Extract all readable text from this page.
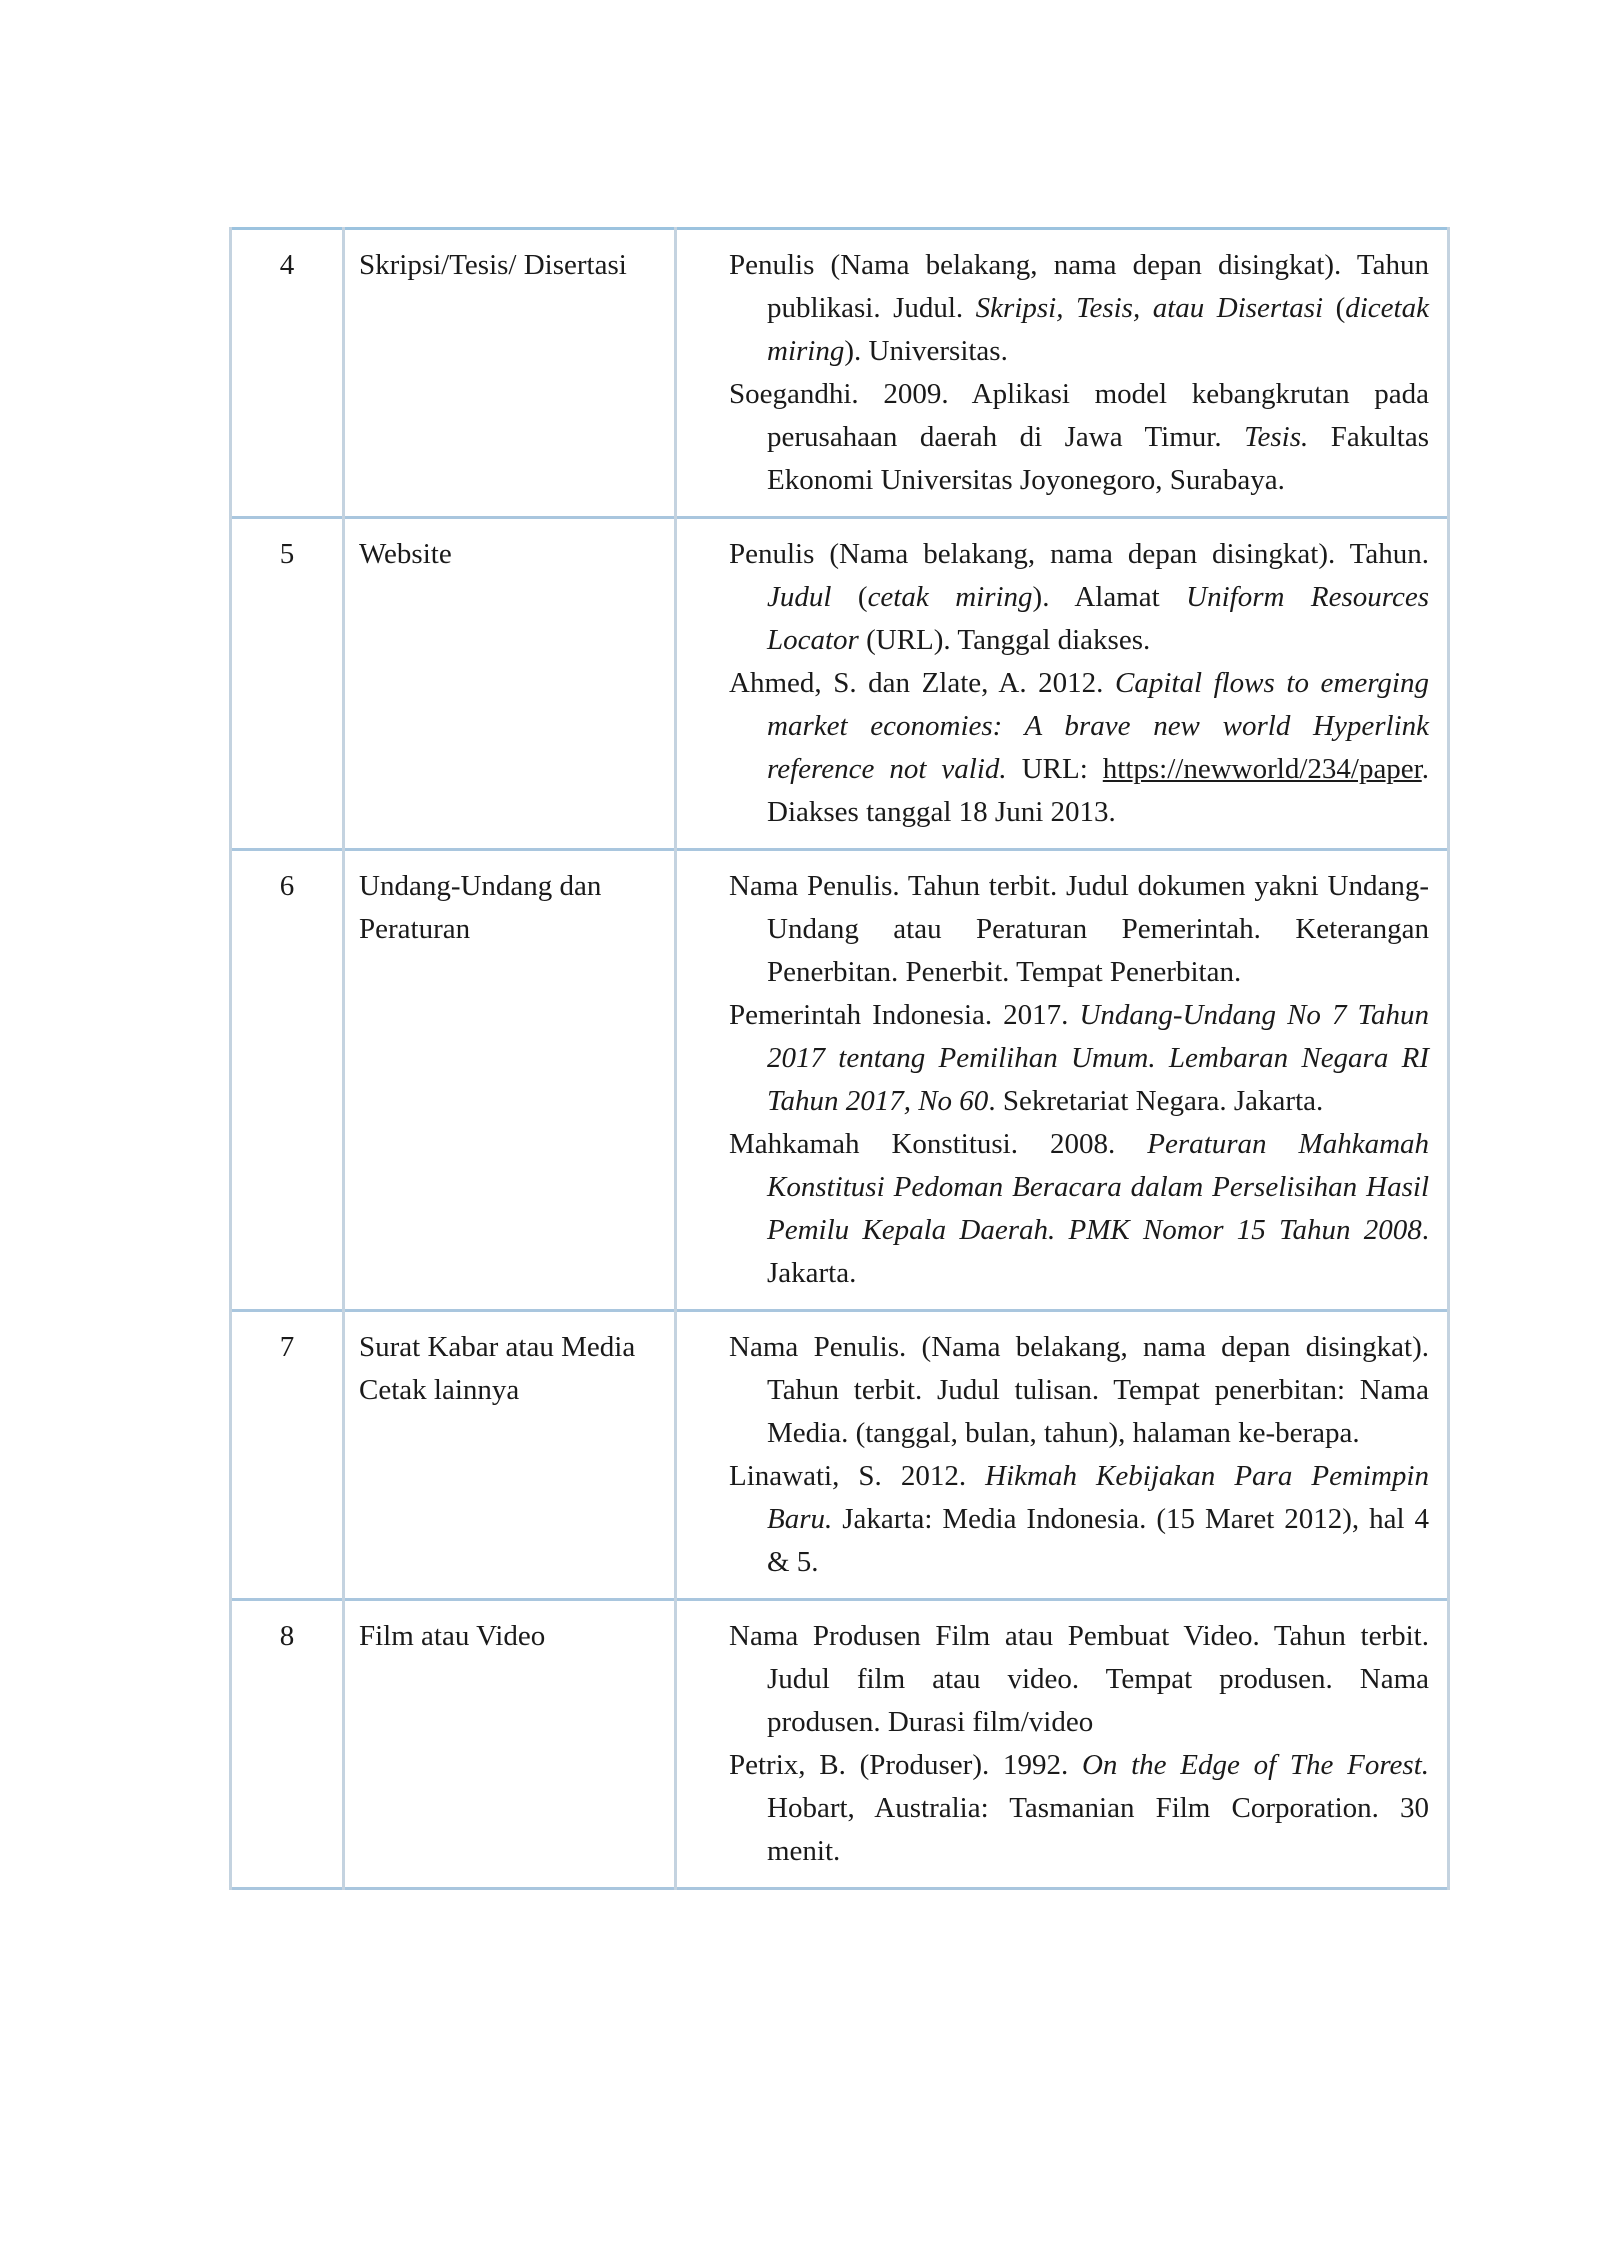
4	Skripsi/Tesis/ Disertasi	Penulis (Nama belakang, nama depan disingkat). Tahun publikasi. Judul. Skripsi, Tesis, atau Disertasi (dicetak miring). Universitas.

Soegandhi. 2009. Aplikasi model kebangkrutan pada perusahaan daerah di Jawa Timur. Tesis. Fakultas Ekonomi Universitas Joyonegoro, Surabaya.

5	Website	Penulis (Nama belakang, nama depan disingkat). Tahun. Judul (cetak miring). Alamat Uniform Resources Locator (URL). Tanggal diakses.

Ahmed, S. dan Zlate, A. 2012. Capital flows to emerging market economies: A brave new world Hyperlink reference not valid. URL: https://newworld/234/paper. Diakses tanggal 18 Juni 2013.

6	Undang-Undang dan Peraturan	Nama Penulis. Tahun terbit. Judul dokumen yakni Undang-Undang atau Peraturan Pemerintah. Keterangan Penerbitan. Penerbit. Tempat Penerbitan.

Pemerintah Indonesia. 2017. Undang-Undang No 7 Tahun 2017 tentang Pemilihan Umum. Lembaran Negara RI Tahun 2017, No 60. Sekretariat Negara. Jakarta.

Mahkamah Konstitusi. 2008. Peraturan Mahkamah Konstitusi Pedoman Beracara dalam Perselisihan Hasil Pemilu Kepala Daerah. PMK Nomor 15 Tahun 2008. Jakarta.

7	Surat Kabar atau Media Cetak lainnya	Nama Penulis. (Nama belakang, nama depan disingkat). Tahun terbit. Judul tulisan. Tempat penerbitan: Nama Media. (tanggal, bulan, tahun), halaman ke-berapa.

Linawati, S. 2012. Hikmah Kebijakan Para Pemimpin Baru. Jakarta: Media Indonesia. (15 Maret 2012), hal 4 & 5.

8	Film atau Video	Nama Produsen Film atau Pembuat Video. Tahun terbit. Judul film atau video. Tempat produsen. Nama produsen. Durasi film/video

Petrix, B. (Produser). 1992. On the Edge of The Forest. Hobart, Australia: Tasmanian Film Corporation. 30 menit.
